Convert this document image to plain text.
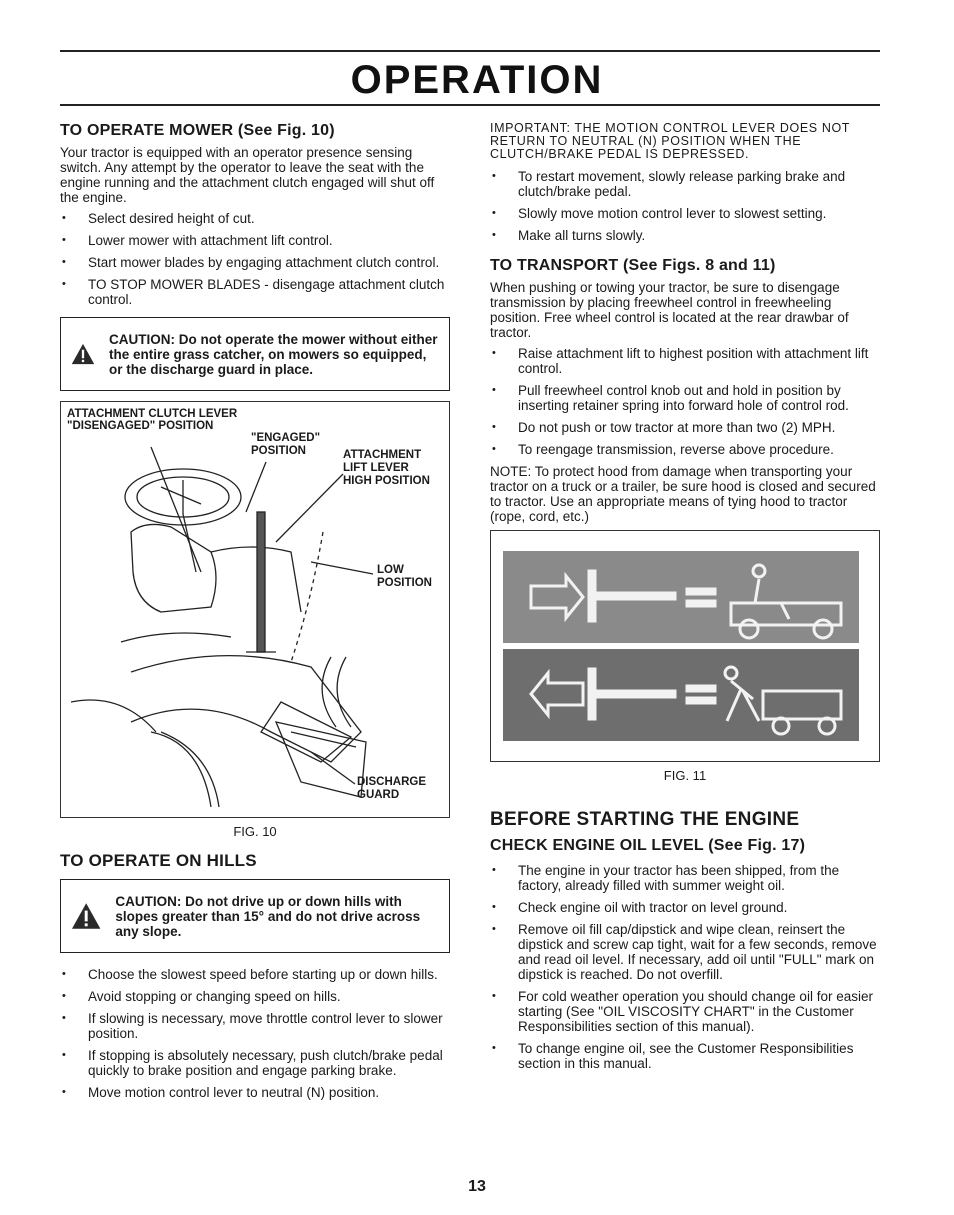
OPERATION
TO OPERATE MOWER (See Fig. 10)

Your tractor is equipped with an operator presence sensing switch. Any attempt by the operator to leave the seat with the engine running and the attachment clutch engaged will shut off the engine.

• Select desired height of cut.
• Lower mower with attachment lift control.
• Start mower blades by engaging attachment clutch control.
• TO STOP MOWER BLADES - disengage attachment clutch control.
CAUTION: Do not operate the mower without either the entire grass catcher, on mowers so equipped, or the discharge guard in place.
ATTACHMENT CLUTCH LEVER
"DISENGAGED" POSITION
"ENGAGED"
POSITION	ATTACHMENT
LIFT LEVER
HIGH POSITION
LOW
POSITION
DISCHARGE
GUARD
FIG. 10
TO OPERATE ON HILLS
CAUTION: Do not drive up or down hills with slopes greater than 15° and do not drive across any slope.
• Choose the slowest speed before starting up or down hills.
• Avoid stopping or changing speed on hills.
• If slowing is necessary, move throttle control lever to slower position.
• If stopping is absolutely necessary, push clutch/brake pedal quickly to brake position and engage parking brake.
• Move motion control lever to neutral (N) position.
IMPORTANT: THE MOTION CONTROL LEVER DOES NOT RETURN TO NEUTRAL (N) POSITION WHEN THE CLUTCH/BRAKE PEDAL IS DEPRESSED.
• To restart movement, slowly release parking brake and clutch/brake pedal.
• Slowly move motion control lever to slowest setting.
• Make all turns slowly.
TO TRANSPORT (See Figs. 8 and 11)

When pushing or towing your tractor, be sure to disengage transmission by placing freewheel control in freewheeling position. Free wheel control is located at the rear drawbar of tractor.

• Raise attachment lift to highest position with attachment lift control.
• Pull freewheel control knob out and hold in position by inserting retainer spring into forward hole of control rod.
• Do not push or tow tractor at more than two (2) MPH.
• To reengage transmission, reverse above procedure.

NOTE: To protect hood from damage when transporting your tractor on a truck or a trailer, be sure hood is closed and secured to tractor. Use an appropriate means of tying hood to tractor (rope, cord, etc.)

FIG. 11
BEFORE STARTING THE ENGINE
CHECK ENGINE OIL LEVEL (See Fig. 17)
• The engine in your tractor has been shipped, from the factory, already filled with summer weight oil.
• Check engine oil with tractor on level ground.
• Remove oil fill cap/dipstick and wipe clean, reinsert the dipstick and screw cap tight, wait for a few seconds, remove and read oil level. If necessary, add oil until "FULL" mark on dipstick is reached. Do not overfill.
• For cold weather operation you should change oil for easier starting (See "OIL VISCOSITY CHART" in the Customer Responsibilities section of this manual).
• To change engine oil, see the Customer Responsibilities section in this manual.
13
